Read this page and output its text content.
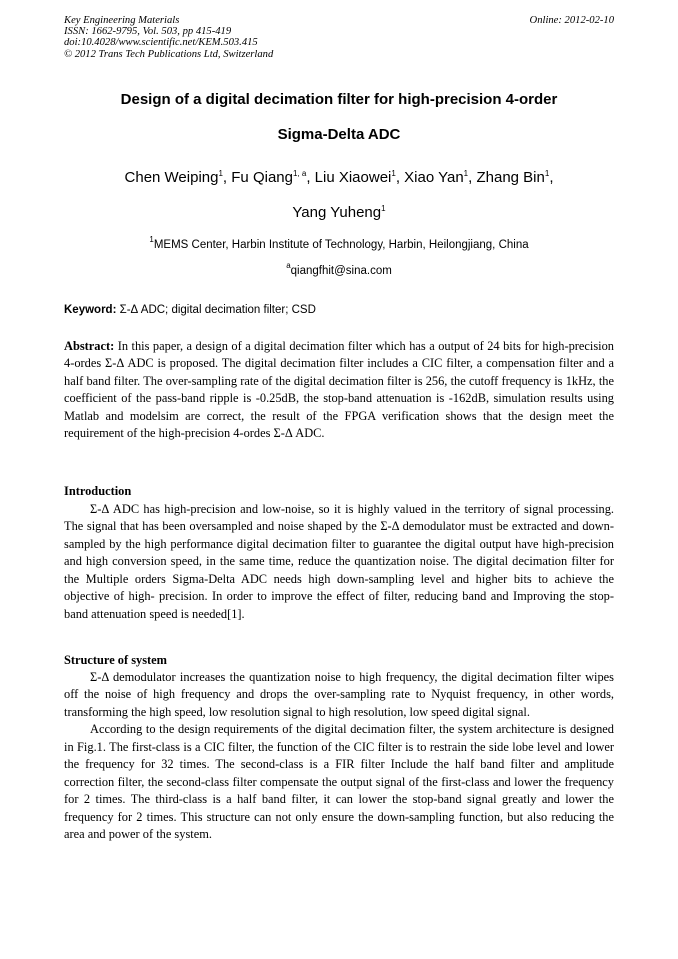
Key Engineering Materials
ISSN: 1662-9795, Vol. 503, pp 415-419
doi:10.4028/www.scientific.net/KEM.503.415
© 2012 Trans Tech Publications Ltd, Switzerland
Online: 2012-02-10
Design of a digital decimation filter for high-precision 4-order
Sigma-Delta ADC
Chen Weiping$^1$, Fu Qiang$^{1, a}$, Liu Xiaowei$^1$, Xiao Yan$^1$, Zhang Bin$^1$,
Yang Yuheng$^1$
$^1$MEMS Center, Harbin Institute of Technology, Harbin, Heilongjiang, China
$^a$qiangfhit@sina.com
Keyword: Σ-Δ ADC; digital decimation filter; CSD

Abstract: In this paper, a design of a digital decimation filter which has a output of 24 bits for high-precision 4-ordes Σ-Δ ADC is proposed. The digital decimation filter includes a CIC filter, a compensation filter and a half band filter. The over-sampling rate of the digital decimation filter is 256, the cutoff frequency is 1kHz, the coefficient of the pass-band ripple is -0.25dB, the stop-band attenuation is -162dB, simulation results using Matlab and modelsim are correct, the result of the FPGA verification shows that the design meet the requirement of the high-precision 4-ordes Σ-Δ ADC.

Introduction

Σ-Δ ADC has high-precision and low-noise, so it is highly valued in the territory of signal processing. The signal that has been oversampled and noise shaped by the Σ-Δ demodulator must be extracted and down-sampled by the high performance digital decimation filter to guarantee the digital output have high-precision and high conversion speed, in the same time, reduce the quantization noise. The digital decimation filter for the Multiple orders Sigma-Delta ADC needs high down-sampling level and higher bits to achieve the objective of high- precision. In order to improve the effect of filter, reducing band and Improving the stop-band attenuation speed is needed[1].

Structure of system

Σ-Δ demodulator increases the quantization noise to high frequency, the digital decimation filter wipes off the noise of high frequency and drops the over-sampling rate to Nyquist frequency, in other words, transforming the high speed, low resolution signal to high resolution, low speed digital signal.

According to the design requirements of the digital decimation filter, the system architecture is designed in Fig.1. The first-class is a CIC filter, the function of the CIC filter is to restrain the side lobe level and lower the frequency for 32 times. The second-class is a FIR filter Include the half band filter and amplitude correction filter, the second-class filter compensate the output signal of the first-class and lower the frequency for 2 times. The third-class is a half band filter, it can lower the stop-band signal greatly and lower the frequency for 2 times. This structure can not only ensure the down-sampling function, but also reducing the area and power of the system.
